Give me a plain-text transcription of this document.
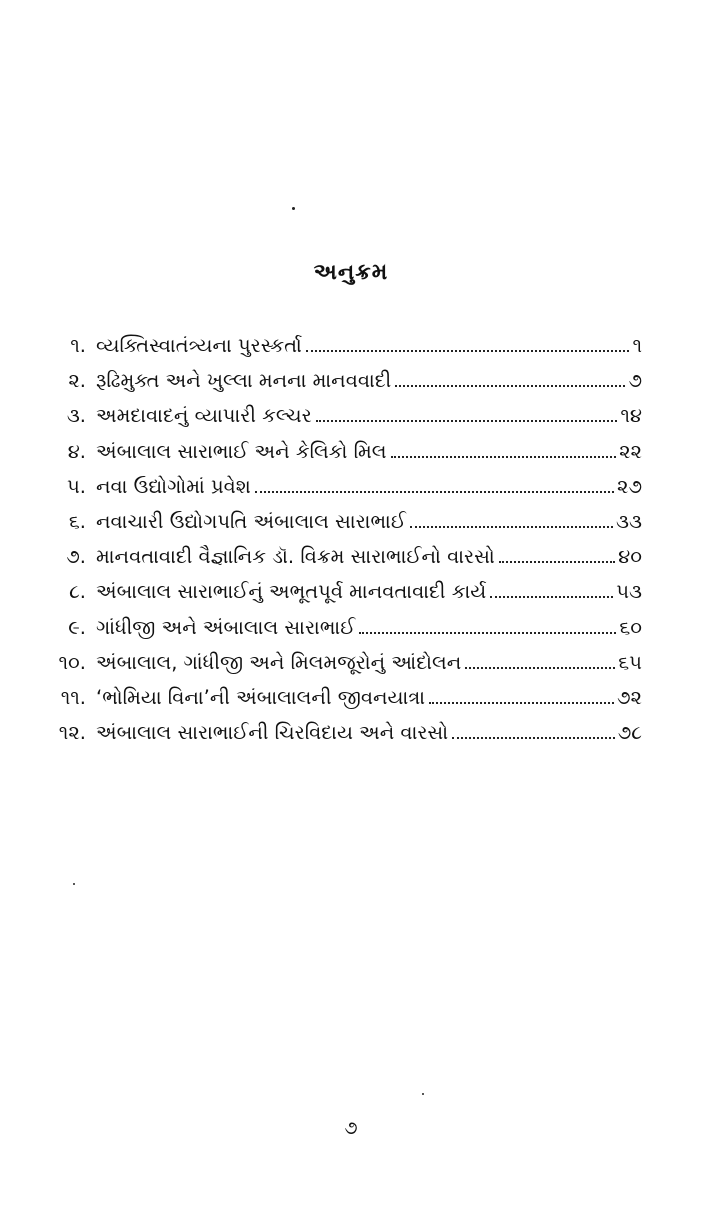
અનુક્રમ
૧. વ્યક્તિસ્વાતંત્ર્યના પુરસ્કર્તા	૧
૨. રૂઢિમુક્ત અને ખુલ્લા મનના માનવવાદી	૭
૩. અમદાવાદનું વ્યાપારી કલ્ચર	૧૪
૪. અંબાલાલ સારાભાઈ અને કેલિકો મિલ	૨૨
૫. નવા ઉદ્યોગોમાં પ્રવેશ	૨૭
૬. નવાચારી ઉદ્યોગપતિ અંબાલાલ સારાભાઈ	૩૩
૭. માનવતાવાદી વૈજ્ઞાનિક ડૉ. વિક્રમ સારાભાઈનો વારસો	૪૦
૮. અંબાલાલ સારાભાઈનું અભૂતપૂર્વ માનવતાવાદી કાર્ય	૫૩
૯. ગાંધીજી અને અંબાલાલ સારાભાઈ	૬૦
૧૦. અંબાલાલ, ગાંધીજી અને મિલમજૂરોનું આંદોલન	૬૫
૧૧. ‘ભોમિયા વિના’ની અંબાલાલની જીવનયાત્રા	૭૨
૧૨. અંબાલાલ સારાભાઈની ચિરવિદાય અને વારસો	૭૮
૭
